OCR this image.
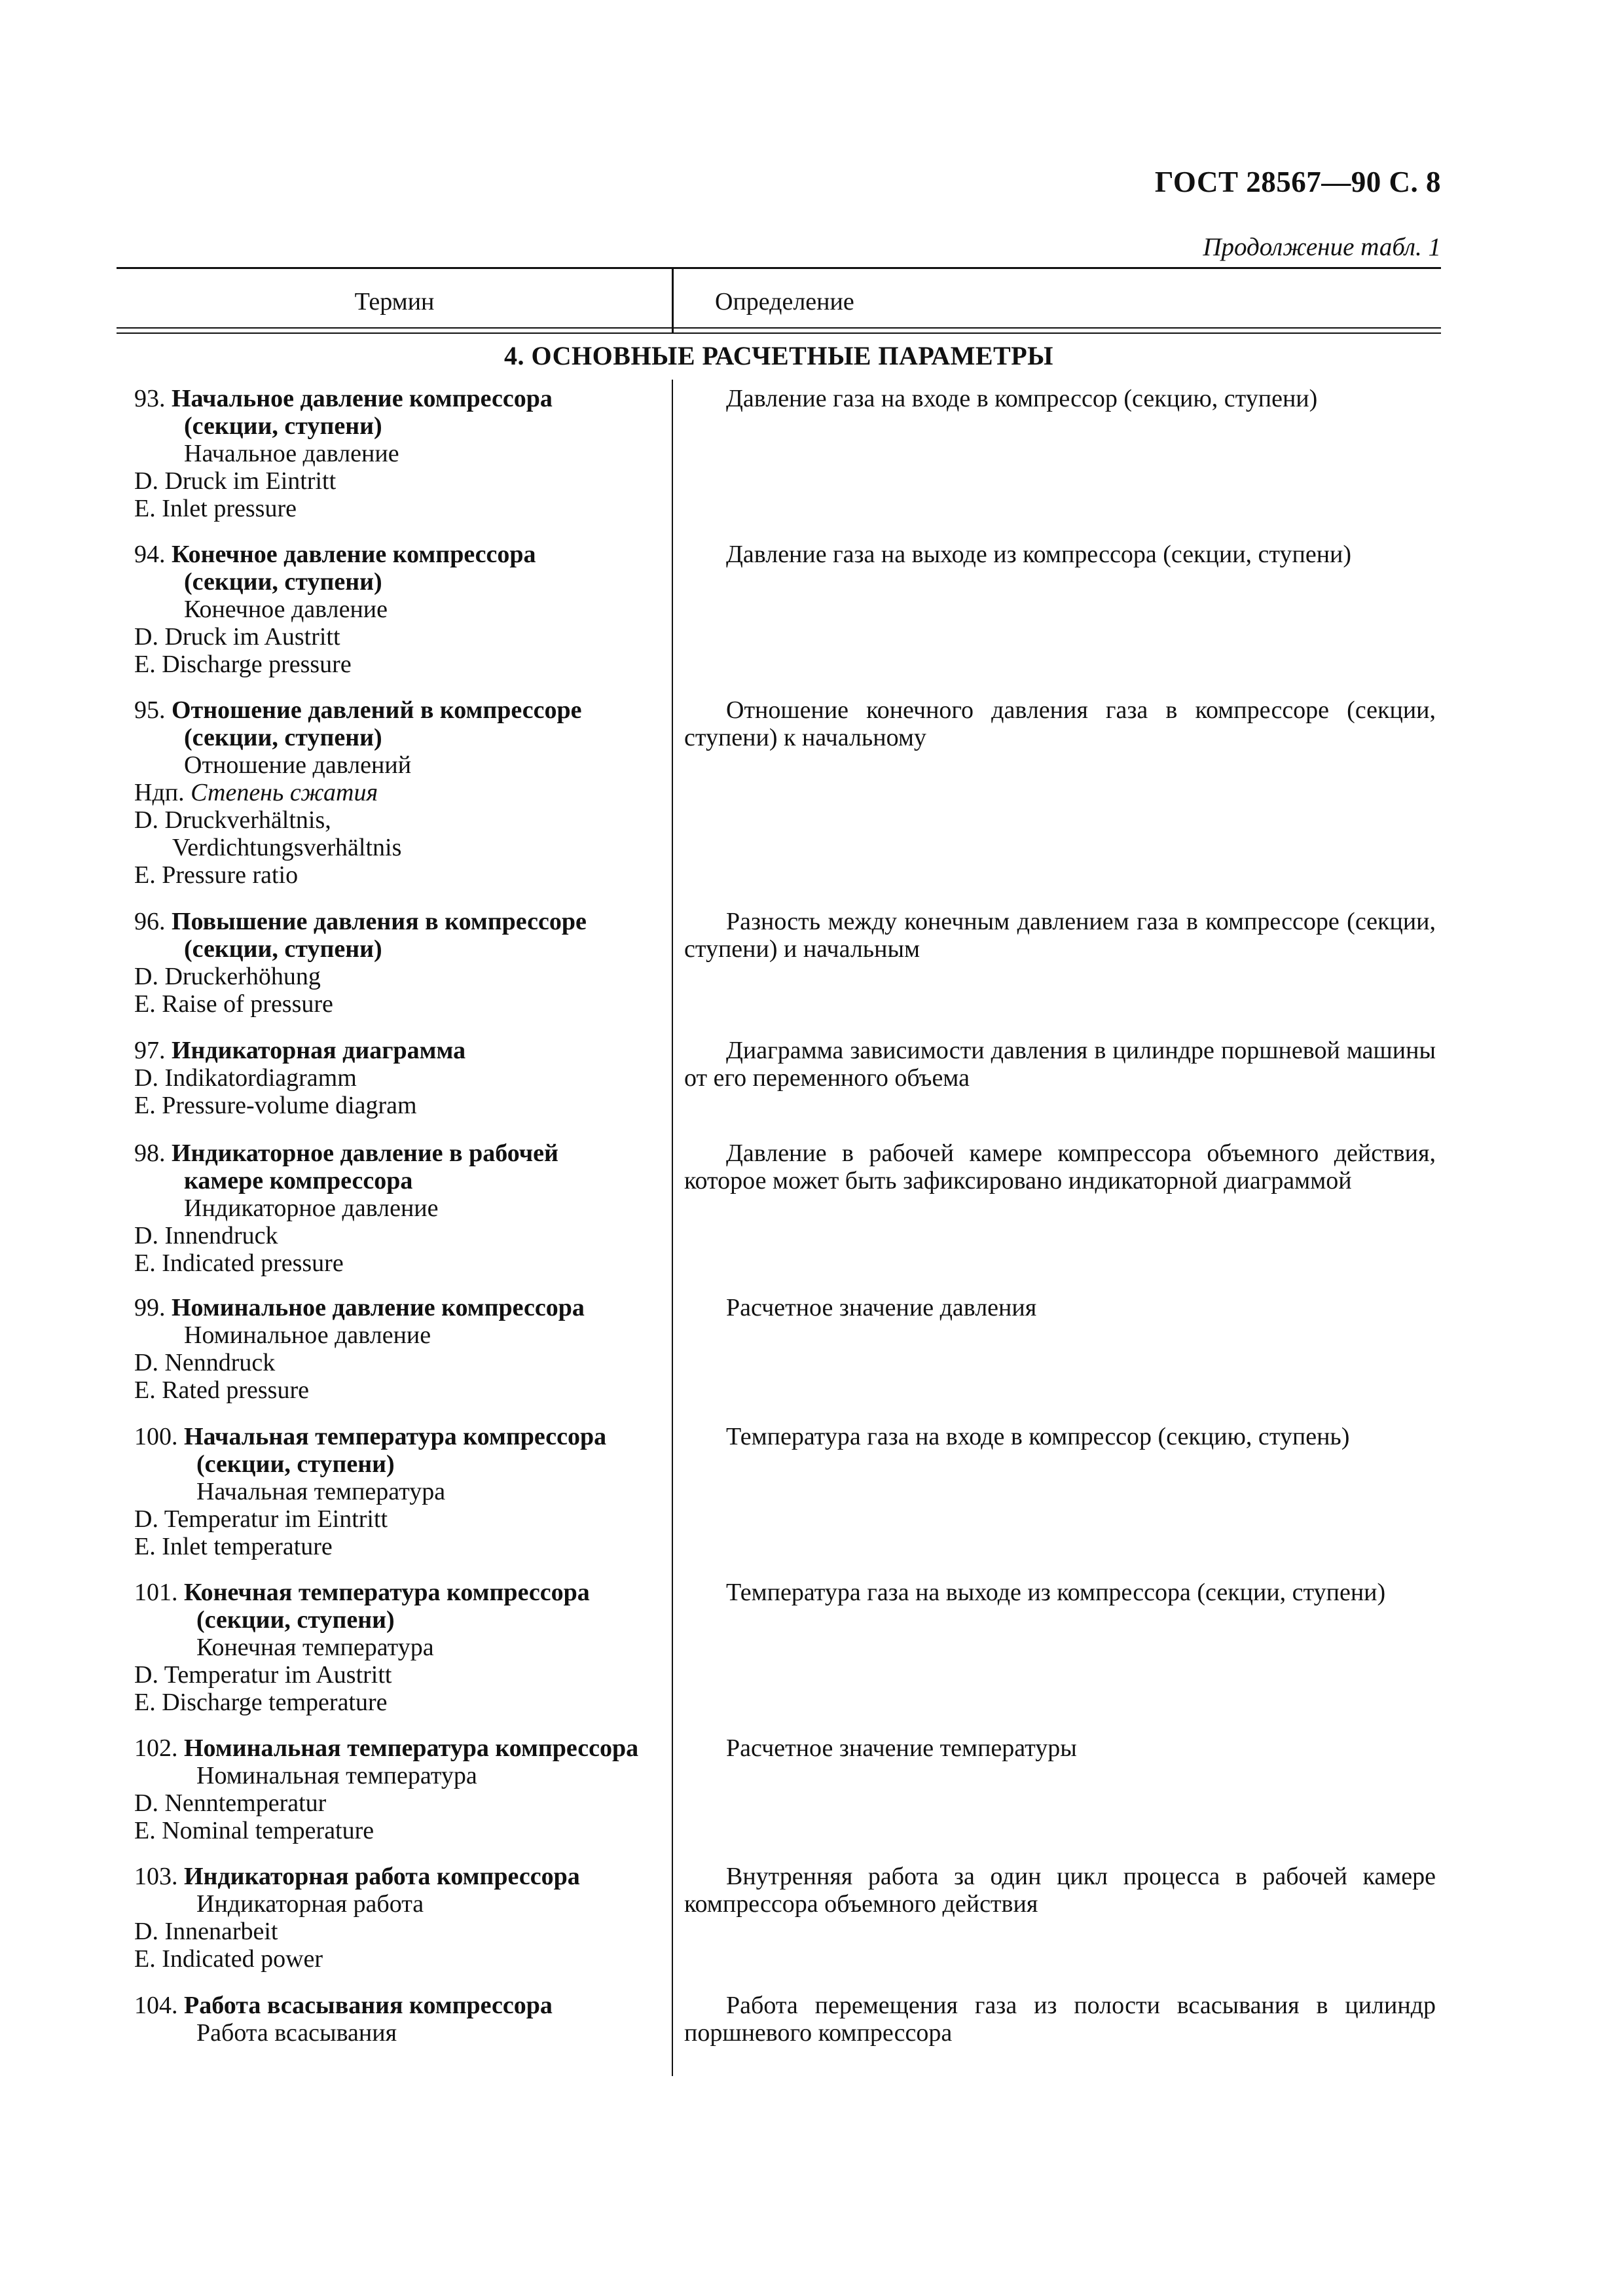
ГОСТ 28567—90 С. 8
Продолжение табл. 1
Термин	Определение
4. ОСНОВНЫЕ РАСЧЕТНЫЕ ПАРАМЕТРЫ
93. Начальное давление компрессора
(секции, ступени)
Начальное давление
D. Druck im Eintritt
E. Inlet pressure
Давление газа на входе в компрессор (секцию, ступени)
94. Конечное давление компрессора
(секции, ступени)
Конечное давление
D. Druck im Austritt
E. Discharge pressure
Давление газа на выходе из компрессора (секции, ступени)
95. Отношение давлений в компрессоре
(секции, ступени)
Отношение давлений
Ндп. Степень сжатия
D. Druckverhältnis,
Verdichtungsverhältnis
E. Pressure ratio
Отношение конечного давления газа в компрессоре (секции, ступени) к начальному
96. Повышение давления в компрессоре
(секции, ступени)
D. Druckerhöhung
E. Raise of pressure
Разность между конечным давлением газа в компрессоре (секции, ступени) и начальным
97. Индикаторная диаграмма
D. Indikatordiagramm
E. Pressure-volume diagram
Диаграмма зависимости давления в цилиндре поршневой машины от его переменного объема
98. Индикаторное давление в рабочей
камере компрессора
Индикаторное давление
D. Innendruck
E. Indicated pressure
Давление в рабочей камере компрессора объемного действия, которое может быть зафиксировано индикаторной диаграммой
99. Номинальное давление компрессора
Номинальное давление
D. Nenndruck
E. Rated pressure
Расчетное значение давления
100. Начальная температура компрессора
(секции, ступени)
Начальная температура
D. Temperatur im Eintritt
E. Inlet temperature
Температура газа на входе в компрессор (секцию, ступень)
101. Конечная температура компрессора
(секции, ступени)
Конечная температура
D. Temperatur im Austritt
E. Discharge temperature
Температура газа на выходе из компрессора (секции, ступени)
102. Номинальная температура компрессора
Номинальная температура
D. Nenntemperatur
E. Nominal temperature
Расчетное значение температуры
103. Индикаторная работа компрессора
Индикаторная работа
D. Innenarbeit
E. Indicated power
Внутренняя работа за один цикл процесса в рабочей камере компрессора объемного действия
104. Работа всасывания компрессора
Работа всасывания
Работа перемещения газа из полости всасывания в цилиндр поршневого компрессора
